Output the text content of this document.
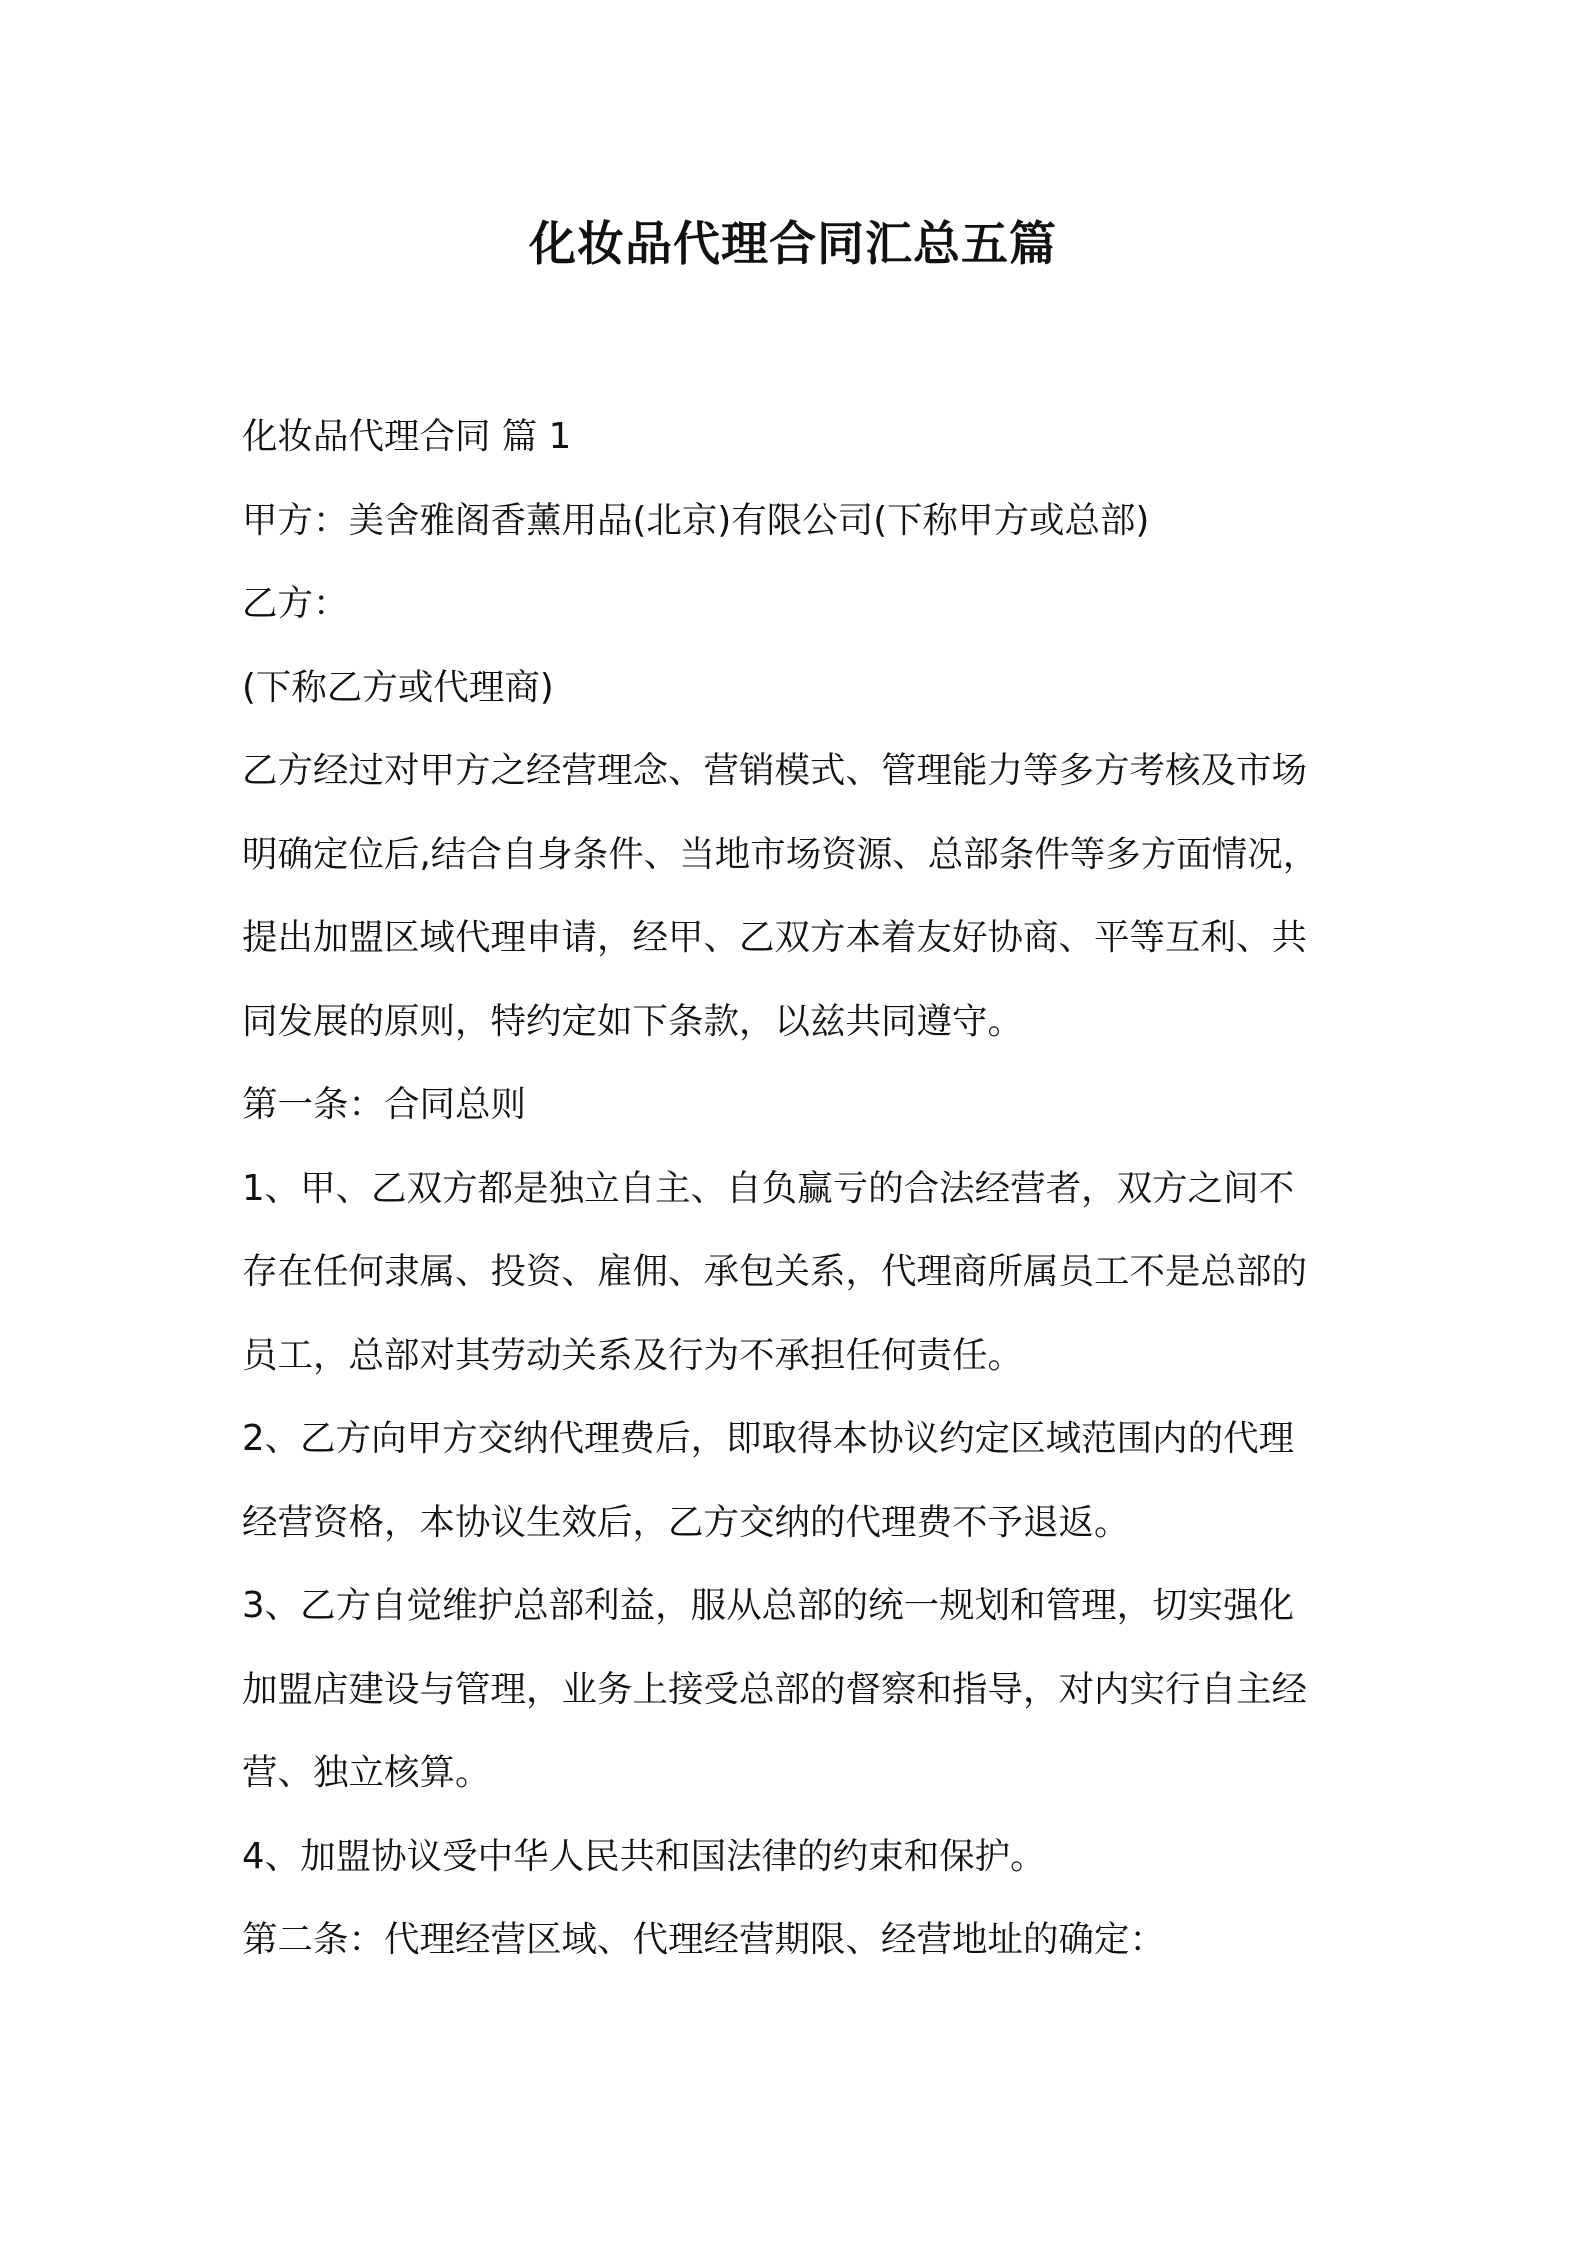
化妆品代理合同汇总五篇
化妆品代理合同 篇 1
甲方：美舍雅阁香薰用品(北京)有限公司(下称甲方或总部)
乙方：
(下称乙方或代理商)
乙方经过对甲方之经营理念、营销模式、管理能力等多方考核及市场
明确定位后,结合自身条件、当地市场资源、总部条件等多方面情况，
提出加盟区域代理申请，经甲、乙双方本着友好协商、平等互利、共
同发展的原则，特约定如下条款，以兹共同遵守。
第一条：合同总则
1、甲、乙双方都是独立自主、自负赢亏的合法经营者，双方之间不
存在任何隶属、投资、雇佣、承包关系，代理商所属员工不是总部的
员工，总部对其劳动关系及行为不承担任何责任。
2、乙方向甲方交纳代理费后，即取得本协议约定区域范围内的代理
经营资格，本协议生效后，乙方交纳的代理费不予退返。
3、乙方自觉维护总部利益，服从总部的统一规划和管理，切实强化
加盟店建设与管理，业务上接受总部的督察和指导，对内实行自主经
营、独立核算。
4、加盟协议受中华人民共和国法律的约束和保护。
第二条：代理经营区域、代理经营期限、经营地址的确定：
